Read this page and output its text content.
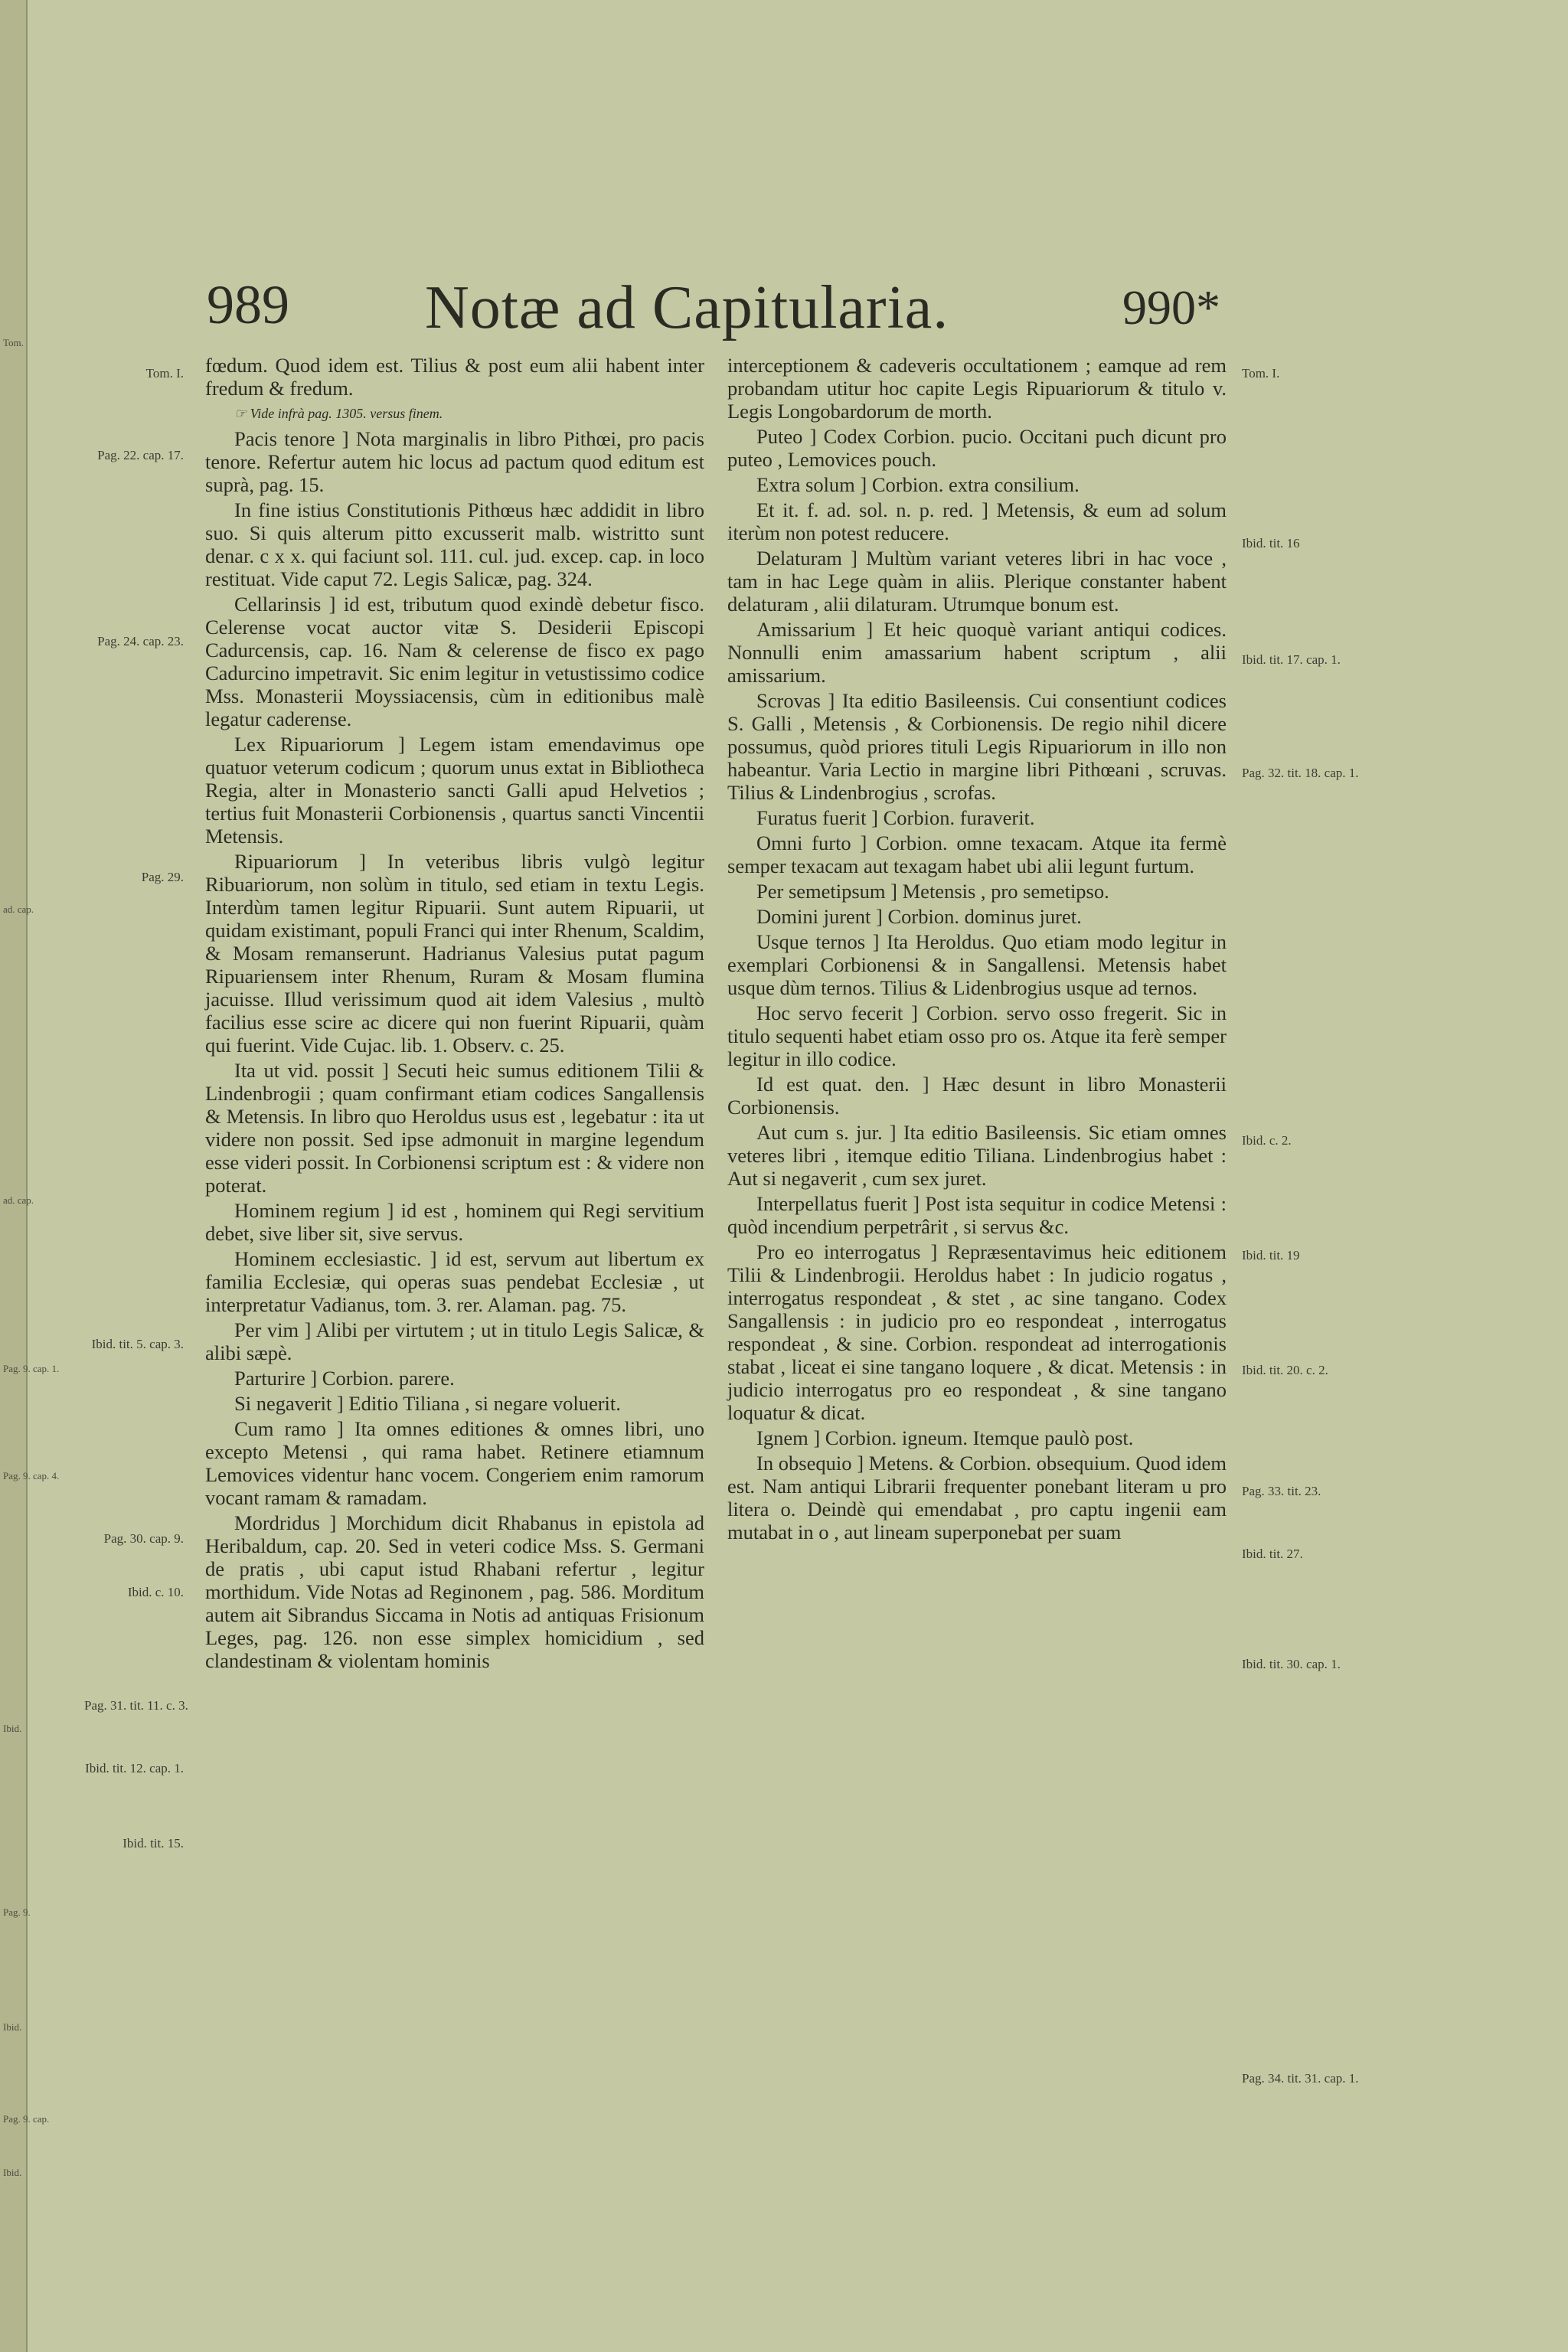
Tom.
ad. cap.
ad. cap.
Pag. 9. cap. 1.
Pag. 9. cap. 4.
Ibid.
Pag. 9.
Ibid.
Pag. 9. cap.
Ibid.
989 Notæ ad Capitularia.	990*
Tom. I.
Pag. 22. cap. 17.
Pag. 24. cap. 23.
Pag. 29.
Ibid. tit. 5. cap. 3.
Pag. 30. cap. 9.
Ibid. c. 10.
Pag. 31. tit. 11. c. 3.
Ibid. tit. 12. cap. 1.
Ibid. tit. 15.
Tom. I.
Ibid. tit. 16
Ibid. tit. 17. cap. 1.
Pag. 32. tit. 18. cap. 1.
Ibid. c. 2.
Ibid. tit. 19
Ibid. tit. 20. c. 2.
Pag. 33. tit. 23.
Ibid. tit. 27.
Ibid. tit. 30. cap. 1.
Pag. 34. tit. 31. cap. 1.

fœdum. Quod idem est. Tilius & post eum alii habent inter fredum & fredum.

☞ Vide infrà pag. 1305. versus finem.

Pacis tenore ] Nota marginalis in libro Pithœi, pro pacis tenore. Refertur autem hic locus ad pactum quod editum est suprà, pag. 15.

In fine istius Constitutionis Pithœus hæc addidit in libro suo. Si quis alterum pitto excusserit malb. wistritto sunt denar. c x x. qui faciunt sol. 111. cul. jud. excep. cap. in loco restituat. Vide caput 72. Legis Salicæ, pag. 324.

Cellarinsis ] id est, tributum quod exindè debetur fisco. Celerense vocat auctor vitæ S. Desiderii Episcopi Cadurcensis, cap. 16. Nam & celerense de fisco ex pago Cadurcino impetravit. Sic enim legitur in vetustissimo codice Mss. Monasterii Moyssiacensis, cùm in editionibus malè legatur caderense.

Lex Ripuariorum ] Legem istam emendavimus ope quatuor veterum codicum ; quorum unus extat in Bibliotheca Regia, alter in Monasterio sancti Galli apud Helvetios ; tertius fuit Monasterii Corbionensis , quartus sancti Vincentii Metensis.

Ripuariorum ] In veteribus libris vulgò legitur Ribuariorum, non solùm in titulo, sed etiam in textu Legis. Interdùm tamen legitur Ripuarii. Sunt autem Ripuarii, ut quidam existimant, populi Franci qui inter Rhenum, Scaldim, & Mosam remanserunt. Hadrianus Valesius putat pagum Ripuariensem inter Rhenum, Ruram & Mosam flumina jacuisse. Illud verissimum quod ait idem Valesius , multò facilius esse scire ac dicere qui non fuerint Ripuarii, quàm qui fuerint. Vide Cujac. lib. 1. Observ. c. 25.

Ita ut vid. possit ] Secuti heic sumus editionem Tilii & Lindenbrogii ; quam confirmant etiam codices Sangallensis & Metensis. In libro quo Heroldus usus est , legebatur : ita ut videre non possit. Sed ipse admonuit in margine legendum esse videri possit. In Corbionensi scriptum est : & videre non poterat.

Hominem regium ] id est , hominem qui Regi servitium debet, sive liber sit, sive servus.

Hominem ecclesiastic. ] id est, servum aut libertum ex familia Ecclesiæ, qui operas suas pendebat Ecclesiæ , ut interpretatur Vadianus, tom. 3. rer. Alaman. pag. 75.

Per vim ] Alibi per virtutem ; ut in titulo Legis Salicæ, & alibi sæpè.

Parturire ] Corbion. parere.

Si negaverit ] Editio Tiliana , si negare voluerit.

Cum ramo ] Ita omnes editiones & omnes libri, uno excepto Metensi , qui rama habet. Retinere etiamnum Lemovices videntur hanc vocem. Congeriem enim ramorum vocant ramam & ramadam.

Mordridus ] Morchidum dicit Rhabanus in epistola ad Heribaldum, cap. 20. Sed in veteri codice Mss. S. Germani de pratis , ubi caput istud Rhabani refertur , legitur morthidum. Vide Notas ad Reginonem , pag. 586. Morditum autem ait Sibrandus Siccama in Notis ad antiquas Frisionum Leges, pag. 126. non esse simplex homicidium , sed clandestinam & violentam hominis

interceptionem & cadeveris occultationem ; eamque ad rem probandam utitur hoc capite Legis Ripuariorum & titulo v. Legis Longobardorum de morth.

Puteo ] Codex Corbion. pucio. Occitani puch dicunt pro puteo , Lemovices pouch.

Extra solum ] Corbion. extra consilium.

Et it. f. ad. sol. n. p. red. ] Metensis, & eum ad solum iterùm non potest reducere.

Delaturam ] Multùm variant veteres libri in hac voce , tam in hac Lege quàm in aliis. Plerique constanter habent delaturam , alii dilaturam. Utrumque bonum est.

Amissarium ] Et heic quoquè variant antiqui codices. Nonnulli enim amassarium habent scriptum , alii amissarium.

Scrovas ] Ita editio Basileensis. Cui consentiunt codices S. Galli , Metensis , & Corbionensis. De regio nihil dicere possumus, quòd priores tituli Legis Ripuariorum in illo non habeantur. Varia Lectio in margine libri Pithœani , scruvas. Tilius & Lindenbrogius , scrofas.

Furatus fuerit ] Corbion. furaverit.

Omni furto ] Corbion. omne texacam. Atque ita fermè semper texacam aut texagam habet ubi alii legunt furtum.

Per semetipsum ] Metensis , pro semetipso.

Domini jurent ] Corbion. dominus juret.

Usque ternos ] Ita Heroldus. Quo etiam modo legitur in exemplari Corbionensi & in Sangallensi. Metensis habet usque dùm ternos. Tilius & Lidenbrogius usque ad ternos.

Hoc servo fecerit ] Corbion. servo osso fregerit. Sic in titulo sequenti habet etiam osso pro os. Atque ita ferè semper legitur in illo codice.

Id est quat. den. ] Hæc desunt in libro Monasterii Corbionensis.

Aut cum s. jur. ] Ita editio Basileensis. Sic etiam omnes veteres libri , itemque editio Tiliana. Lindenbrogius habet : Aut si negaverit , cum sex juret.

Interpellatus fuerit ] Post ista sequitur in codice Metensi : quòd incendium perpetrârit , si servus &c.

Pro eo interrogatus ] Repræsentavimus heic editionem Tilii & Lindenbrogii. Heroldus habet : In judicio rogatus , interrogatus respondeat , & stet , ac sine tangano. Codex Sangallensis : in judicio pro eo respondeat , interrogatus respondeat , & sine. Corbion. respondeat ad interrogationis stabat , liceat ei sine tangano loquere , & dicat. Metensis : in judicio interrogatus pro eo respondeat , & sine tangano loquatur & dicat.

Ignem ] Corbion. igneum. Itemque paulò post.

In obsequio ] Metens. & Corbion. obsequium. Quod idem est. Nam antiqui Librarii frequenter ponebant literam u pro litera o. Deindè qui emendabat , pro captu ingenii eam mutabat in o , aut lineam superponebat per suam
